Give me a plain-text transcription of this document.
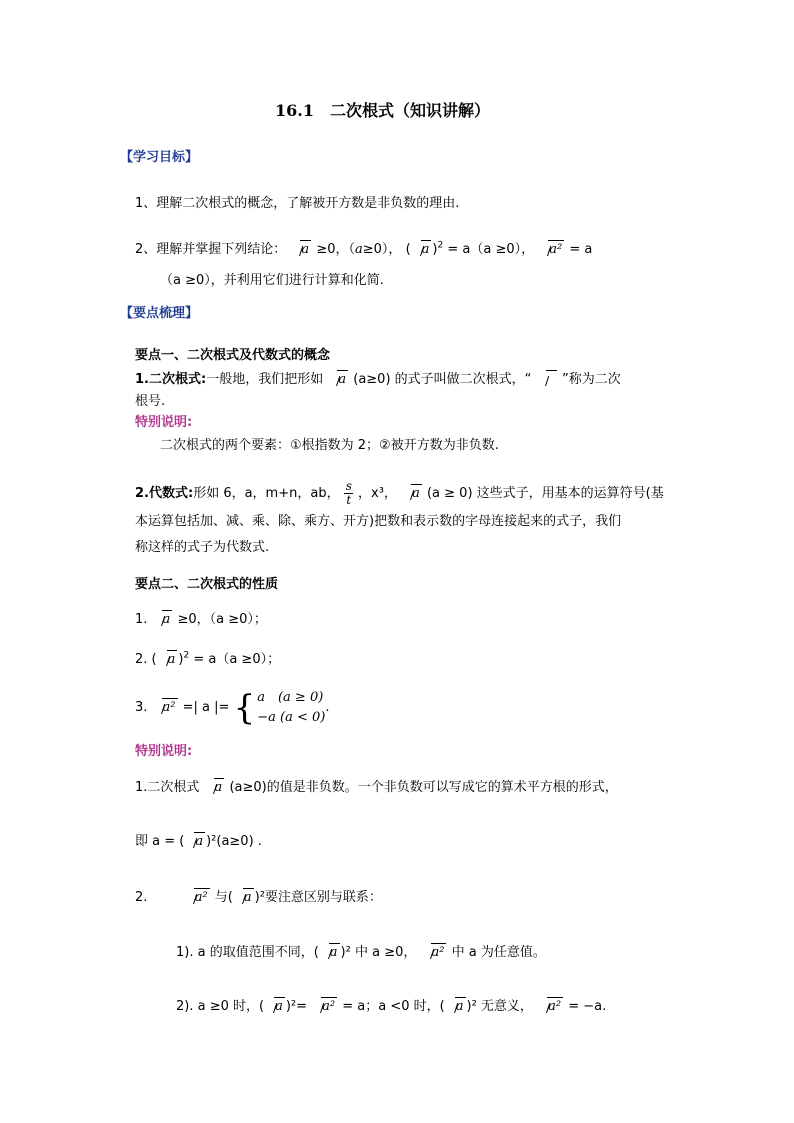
16.1　二次根式（知识讲解）
【学习目标】
1、理解二次根式的概念，了解被开方数是非负数的理由.
2、理解并掌握下列结论： a ≥0，（a≥0）， ( a )$^2$ = a（a ≥0）， a² = a
（a ≥0），并利用它们进行计算和化简.
【要点梳理】
要点一、二次根式及代数式的概念
1.二次根式:一般地，我们把形如 a (a≥0) 的式子叫做二次根式，“ ”称为二次
根号.
特别说明:
二次根式的两个要素：①根指数为 2；②被开方数为非负数.
2.代数式:形如 6，a，m+n，ab， $\frac{s}{t}$ ，x³， a (a ≥ 0) 这些式子，用基本的运算符号(基
本运算包括加、减、乘、除、乘方、开方)把数和表示数的字母连接起来的式子，我们
称这样的式子为代数式.
要点二、二次根式的性质
1. a ≥0，（a ≥0）；
2. ( a )$^2$ = a（a ≥0）；
3. a² =| a |= { a　(a ≥ 0)
−a (a < 0)
.
特别说明:
1.二次根式 a (a≥0)的值是非负数。一个非负数可以写成它的算术平方根的形式，
即 a = ( a )²(a≥0) .
2.	a² 与( a )²要注意区别与联系：
1). a 的取值范围不同，( a )² 中 a ≥0， a² 中 a 为任意值。
2). a ≥0 时，( a )²= a² = a；a <0 时，( a )² 无意义， a² = −a.
